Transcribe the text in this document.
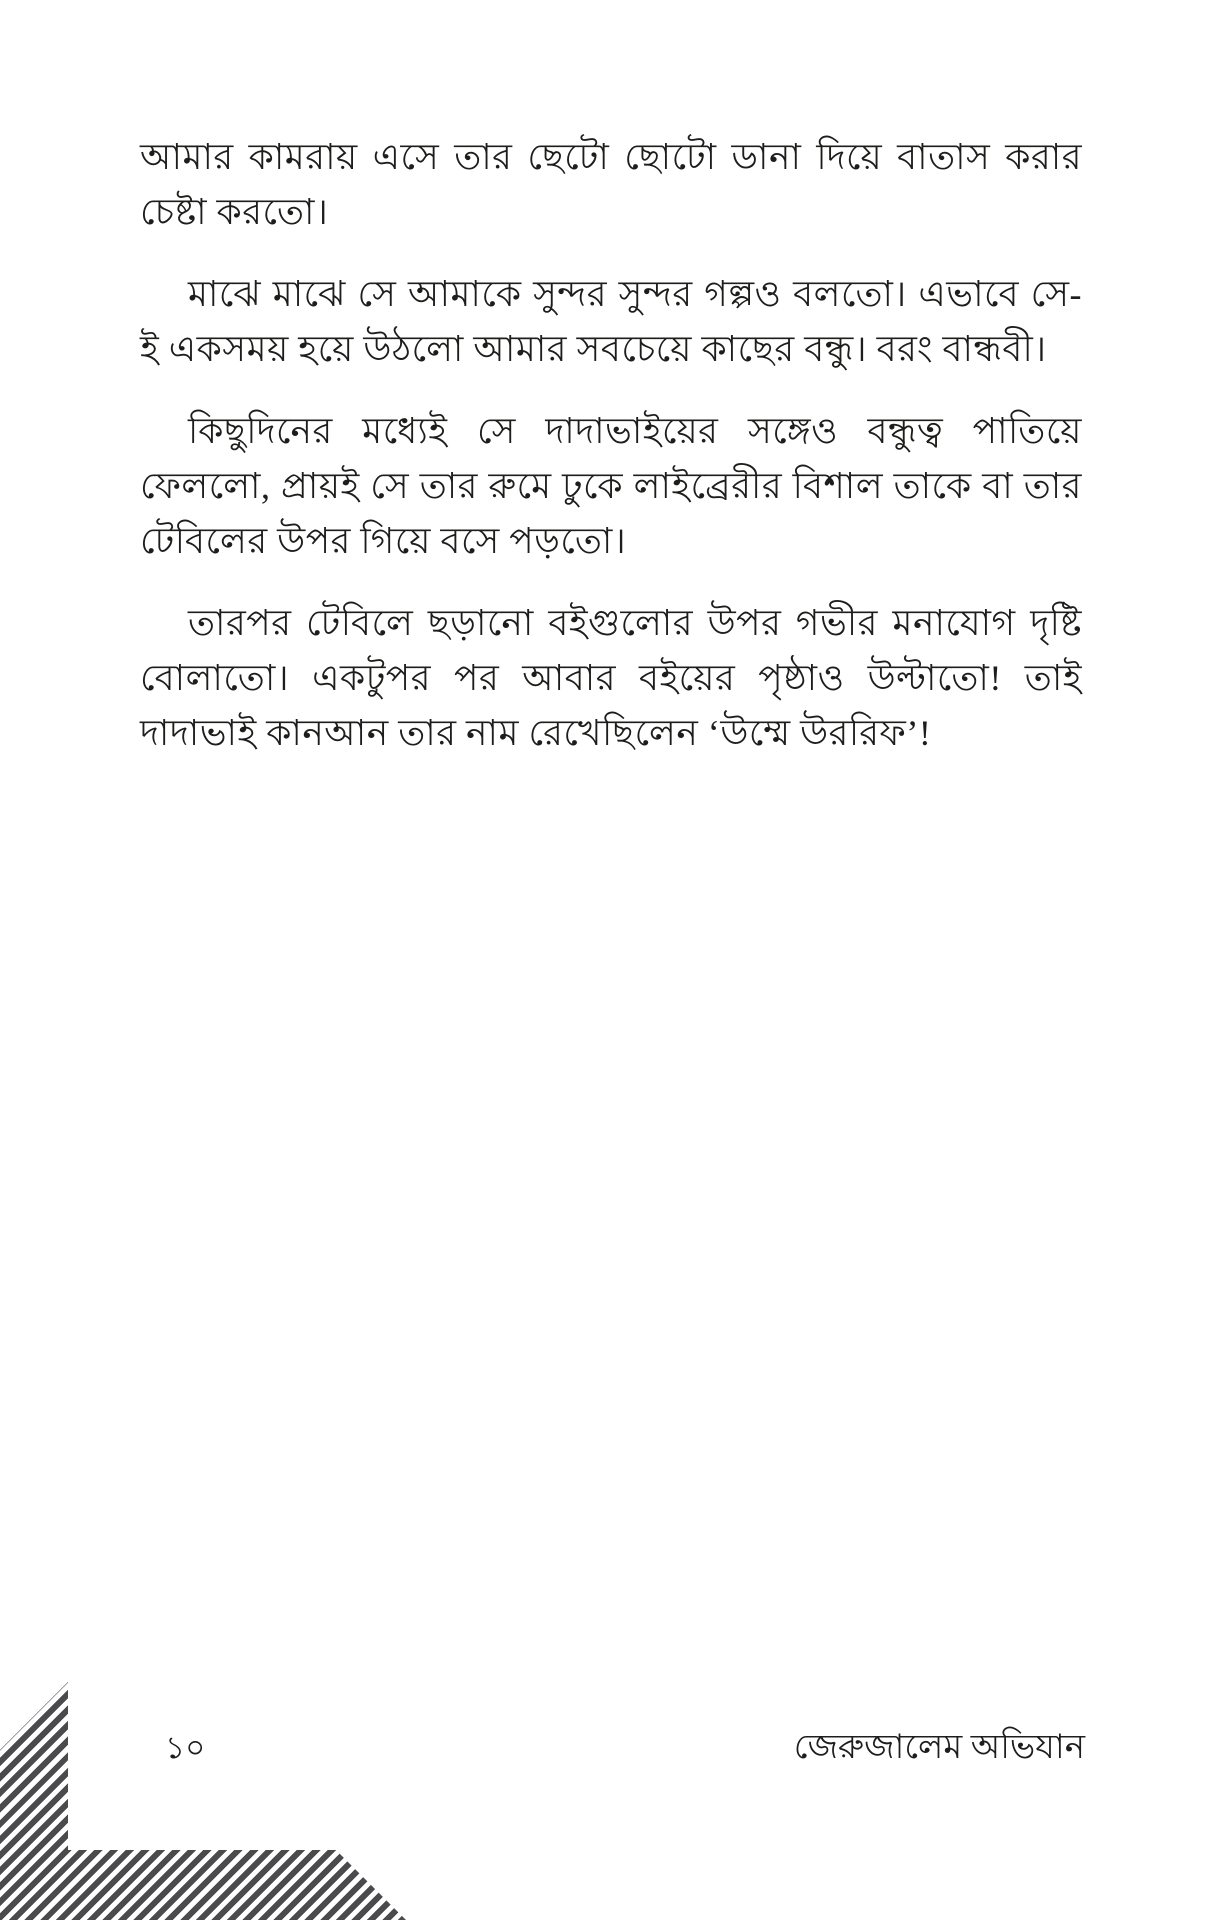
আমার কামরায় এসে তার ছেটো ছোটো ডানা দিয়ে বাতাস করার চেষ্টা করতো।

মাঝে মাঝে সে আমাকে সুন্দর সুন্দর গল্পও বলতো। এভাবে সে-ই একসময় হয়ে উঠলো আমার সবচেয়ে কাছের বন্ধু। বরং বান্ধবী।

কিছুদিনের মধ্যেই সে দাদাভাইয়ের সঙ্গেও বন্ধুত্ব পাতিয়ে ফেললো, প্রায়ই সে তার রুমে ঢুকে লাইব্রেরীর বিশাল তাকে বা তার টেবিলের উপর গিয়ে বসে পড়তো।

তারপর টেবিলে ছড়ানো বইগুলোর উপর গভীর মনাযোগ দৃষ্টি বোলাতো। একটুপর পর আবার বইয়ের পৃষ্ঠাও উল্টাতো! তাই দাদাভাই কানআন তার নাম রেখেছিলেন ‘উম্মে উররিফ’!

১০	জেরুজালেম অভিযান
